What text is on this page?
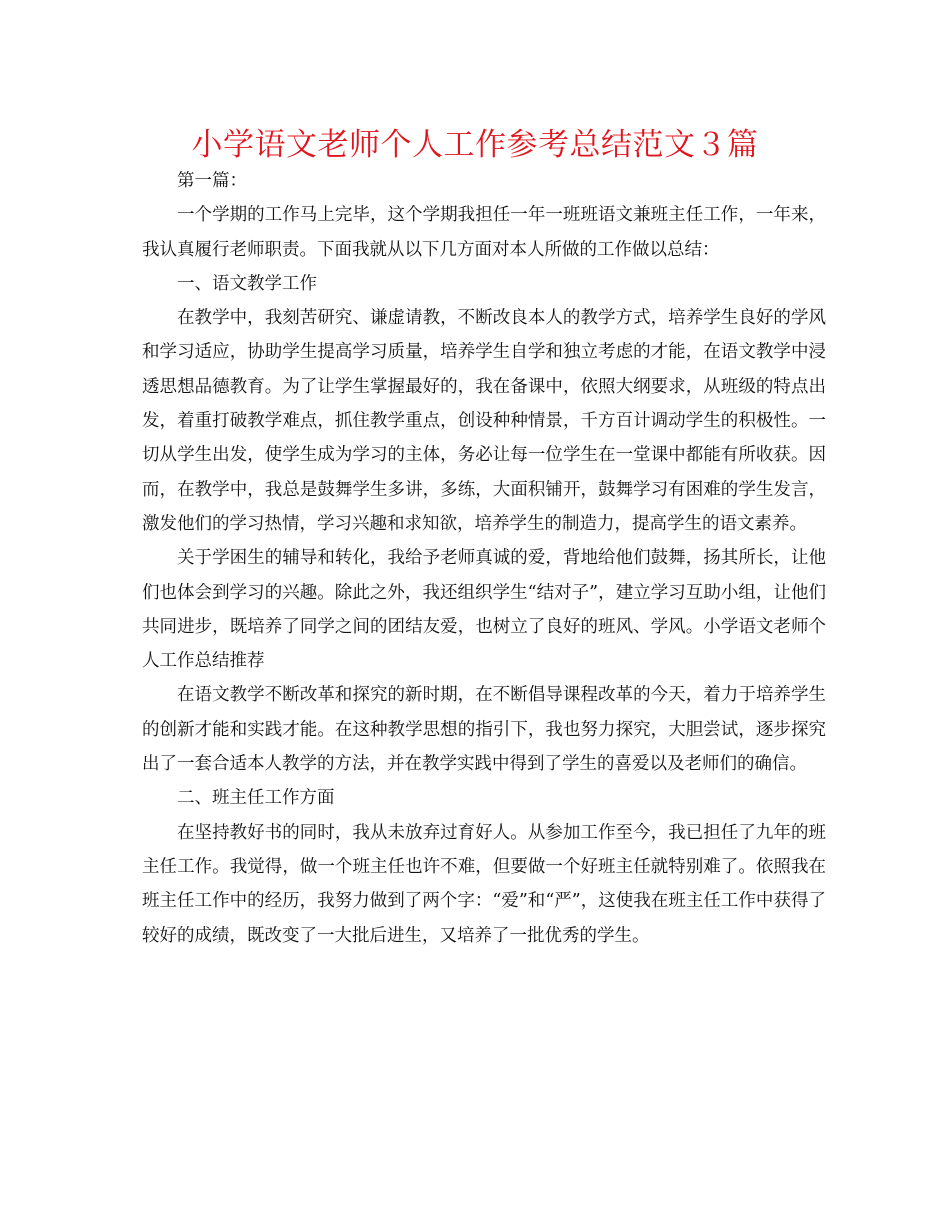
小学语文老师个人工作参考总结范文３篇

第一篇：

一个学期的工作马上完毕，这个学期我担任一年一班班语文兼班主任工作，一年来，我认真履行老师职责。下面我就从以下几方面对本人所做的工作做以总结：

一、语文教学工作

在教学中，我刻苦研究、谦虚请教，不断改良本人的教学方式，培养学生良好的学风和学习适应，协助学生提高学习质量，培养学生自学和独立考虑的才能，在语文教学中浸透思想品德教育。为了让学生掌握最好的，我在备课中，依照大纲要求，从班级的特点出发，着重打破教学难点，抓住教学重点，创设种种情景，千方百计调动学生的积极性。一切从学生出发，使学生成为学习的主体，务必让每一位学生在一堂课中都能有所收获。因而，在教学中，我总是鼓舞学生多讲，多练，大面积铺开，鼓舞学习有困难的学生发言，激发他们的学习热情，学习兴趣和求知欲，培养学生的制造力，提高学生的语文素养。

关于学困生的辅导和转化，我给予老师真诚的爱，背地给他们鼓舞，扬其所长，让他们也体会到学习的兴趣。除此之外，我还组织学生“结对子”，建立学习互助小组，让他们共同进步，既培养了同学之间的团结友爱，也树立了良好的班风、学风。小学语文老师个人工作总结推荐

在语文教学不断改革和探究的新时期，在不断倡导课程改革的今天，着力于培养学生的创新才能和实践才能。在这种教学思想的指引下，我也努力探究，大胆尝试，逐步探究出了一套合适本人教学的方法，并在教学实践中得到了学生的喜爱以及老师们的确信。

二、班主任工作方面

在坚持教好书的同时，我从未放弃过育好人。从参加工作至今，我已担任了九年的班主任工作。我觉得，做一个班主任也许不难，但要做一个好班主任就特别难了。依照我在班主任工作中的经历，我努力做到了两个字：“爱”和“严”，这使我在班主任工作中获得了较好的成绩，既改变了一大批后进生，又培养了一批优秀的学生。
